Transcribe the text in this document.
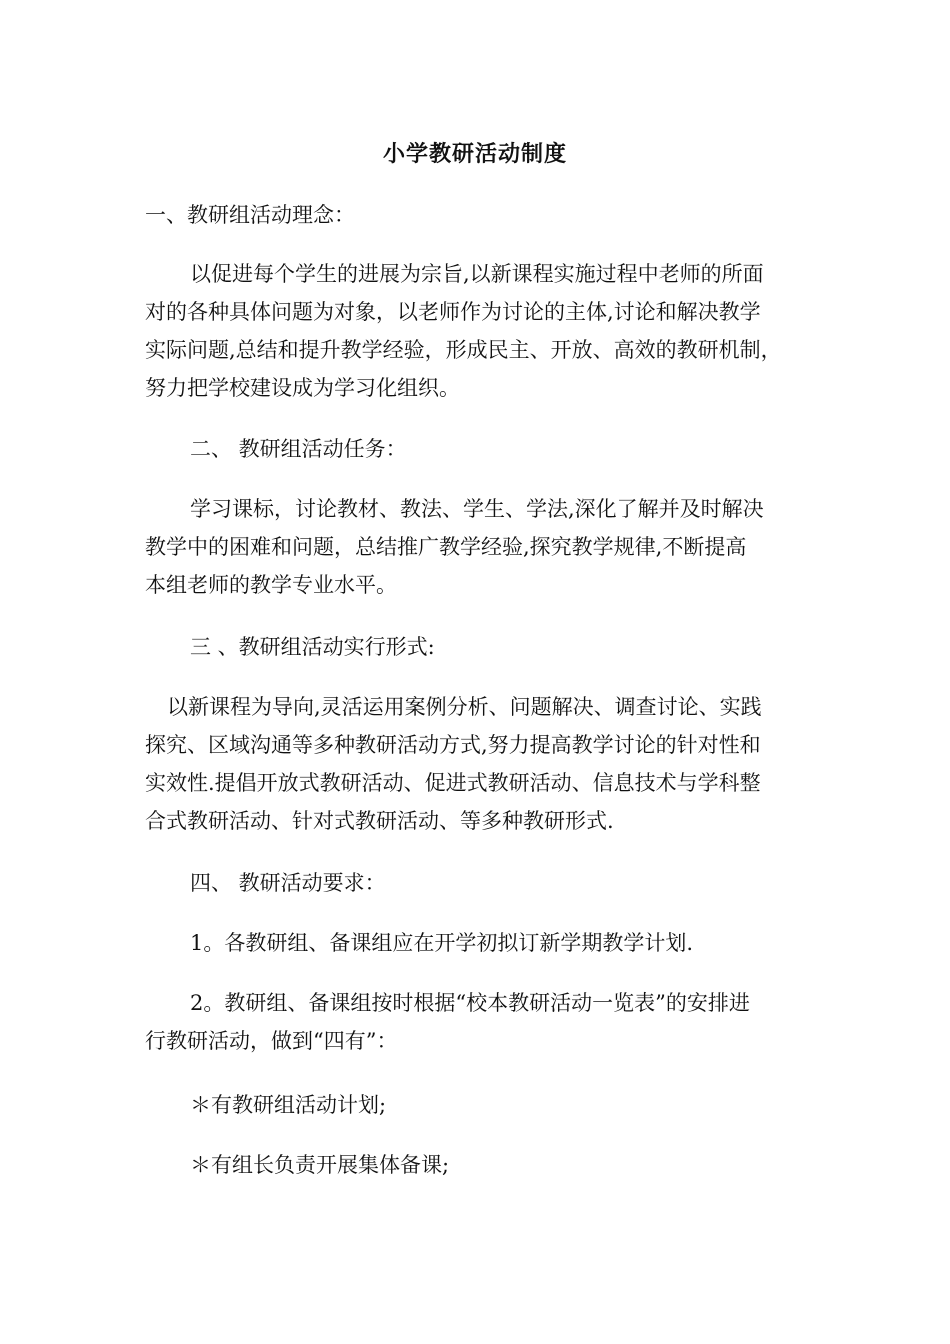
小学教研活动制度
一、教研组活动理念：
以促进每个学生的进展为宗旨,以新课程实施过程中老师的所面
对的各种具体问题为对象，以老师作为讨论的主体,讨论和解决教学
实际问题,总结和提升教学经验，形成民主、开放、高效的教研机制，
努力把学校建设成为学习化组织。
二、 教研组活动任务：
学习课标，讨论教材、教法、学生、学法,深化了解并及时解决
教学中的困难和问题，总结推广教学经验,探究教学规律,不断提高
本组老师的教学专业水平。
三 、教研组活动实行形式:
以新课程为导向,灵活运用案例分析、问题解决、调查讨论、实践
探究、区域沟通等多种教研活动方式,努力提高教学讨论的针对性和
实效性.提倡开放式教研活动、促进式教研活动、信息技术与学科整
合式教研活动、针对式教研活动、等多种教研形式.
四、 教研活动要求：
1。各教研组、备课组应在开学初拟订新学期教学计划.
2。教研组、备课组按时根据“校本教研活动一览表”的安排进
行教研活动，做到“四有”：
＊有教研组活动计划;
＊有组长负责开展集体备课;
